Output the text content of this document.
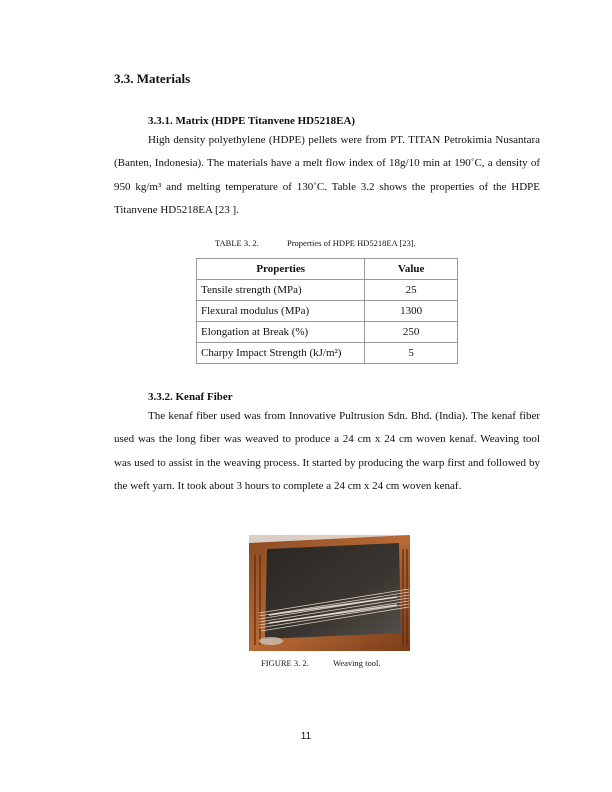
3.3. Materials
3.3.1. Matrix (HDPE Titanvene HD5218EA)

High density polyethylene (HDPE) pellets were from PT. TITAN Petrokimia Nusantara (Banten, Indonesia). The materials have a melt flow index of 18g/10 min at 190˚C, a density of 950 kg/m³ and melting temperature of 130˚C. Table 3.2 shows the properties of the HDPE Titanvene HD5218EA [23 ].

TABLE 3. 2.	Properties of HDPE HD5218EA [23].

Properties	Value
Tensile strength (MPa)	25
Flexural modulus (MPa)	1300
Elongation at Break (%)	250
Charpy Impact Strength (kJ/m²)	5
3.3.2. Kenaf Fiber

The kenaf fiber used was from Innovative Pultrusion Sdn. Bhd. (India). The kenaf fiber used was the long fiber was weaved to produce a 24 cm x 24 cm woven kenaf. Weaving tool was used to assist in the weaving process. It started by producing the warp first and followed by the weft yarn. It took about 3 hours to complete a 24 cm x 24 cm woven kenaf.

FIGURE 3. 2.	Weaving tool.

11
